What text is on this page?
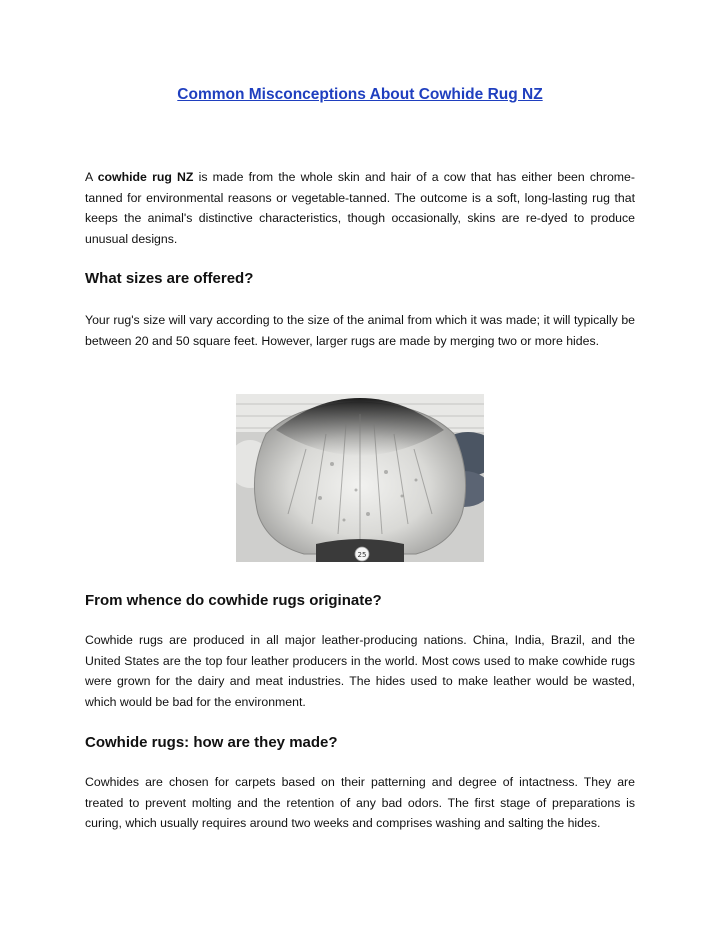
Common Misconceptions About Cowhide Rug NZ

A cowhide rug NZ is made from the whole skin and hair of a cow that has either been chrome-tanned for environmental reasons or vegetable-tanned. The outcome is a soft, long-lasting rug that keeps the animal's distinctive characteristics, though occasionally, skins are re-dyed to produce unusual designs.

What sizes are offered?

Your rug's size will vary according to the size of the animal from which it was made; it will typically be between 20 and 50 square feet. However, larger rugs are made by merging two or more hides.

25
From whence do cowhide rugs originate?

Cowhide rugs are produced in all major leather-producing nations. China, India, Brazil, and the United States are the top four leather producers in the world. Most cows used to make cowhide rugs were grown for the dairy and meat industries. The hides used to make leather would be wasted, which would be bad for the environment.

Cowhide rugs: how are they made?

Cowhides are chosen for carpets based on their patterning and degree of intactness. They are treated to prevent molting and the retention of any bad odors. The first stage of preparations is curing, which usually requires around two weeks and comprises washing and salting the hides.
